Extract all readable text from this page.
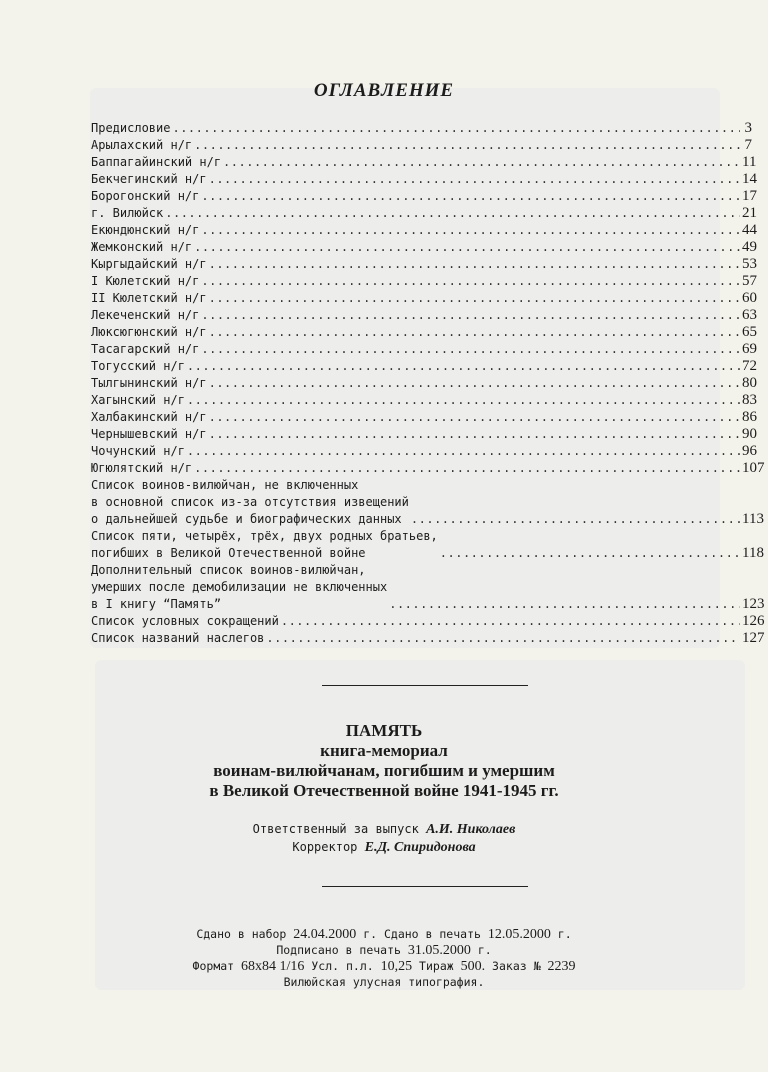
ОГЛАВЛЕНИЕ
Предисловие .....	3
Арылахский н/г .....	7
Баппагайинский н/г .....	11
Бекчегинский н/г .....	14
Борогонский н/г .....	17
г. Вилюйск .....	21
Екюндюнский н/г .....	44
Жемконский н/г .....	49
Кыргыдайский н/г .....	53
I Кюлетский н/г .....	57
II Кюлетский н/г .....	60
Лекеченский н/г .....	63
Люксюгюнский н/г .....	65
Тасагарский н/г .....	69
Тогусский н/г .....	72
Тылгынинский н/г .....	80
Хагынский н/г .....	83
Халбакинский н/г .....	86
Чернышевский н/г .....	90
Чочунский н/г .....	96
Югюлятский н/г .....	107
Список воинов-вилюйчан, не включенных
в основной список из-за отсутствия извещений
о дальнейшей судьбе и биографических данных .....	113
Список пяти, четырёх, трёх, двух родных братьев,
погибших в Великой Отечественной войне .....	118
Дополнительный список воинов-вилюйчан,
умерших после демобилизации не включенных
в I книгу “Память” .....	123
Список условных сокращений .....	126
Список названий наслегов .....	127
ПАМЯТЬ
книга-мемориал
воинам-вилюйчанам, погибшим и умершим
в Великой Отечественной войне 1941-1945 гг.
Ответственный за выпуск А.И. Николаев
Корректор Е.Д. Спиридонова
Сдано в набор 24.04.2000 г. Сдано в печать 12.05.2000 г.
Подписано в печать 31.05.2000 г.
Формат 68x84 1/16 Усл. п.л. 10,25 Тираж 500. Заказ № 2239
Вилюйская улусная типография.
